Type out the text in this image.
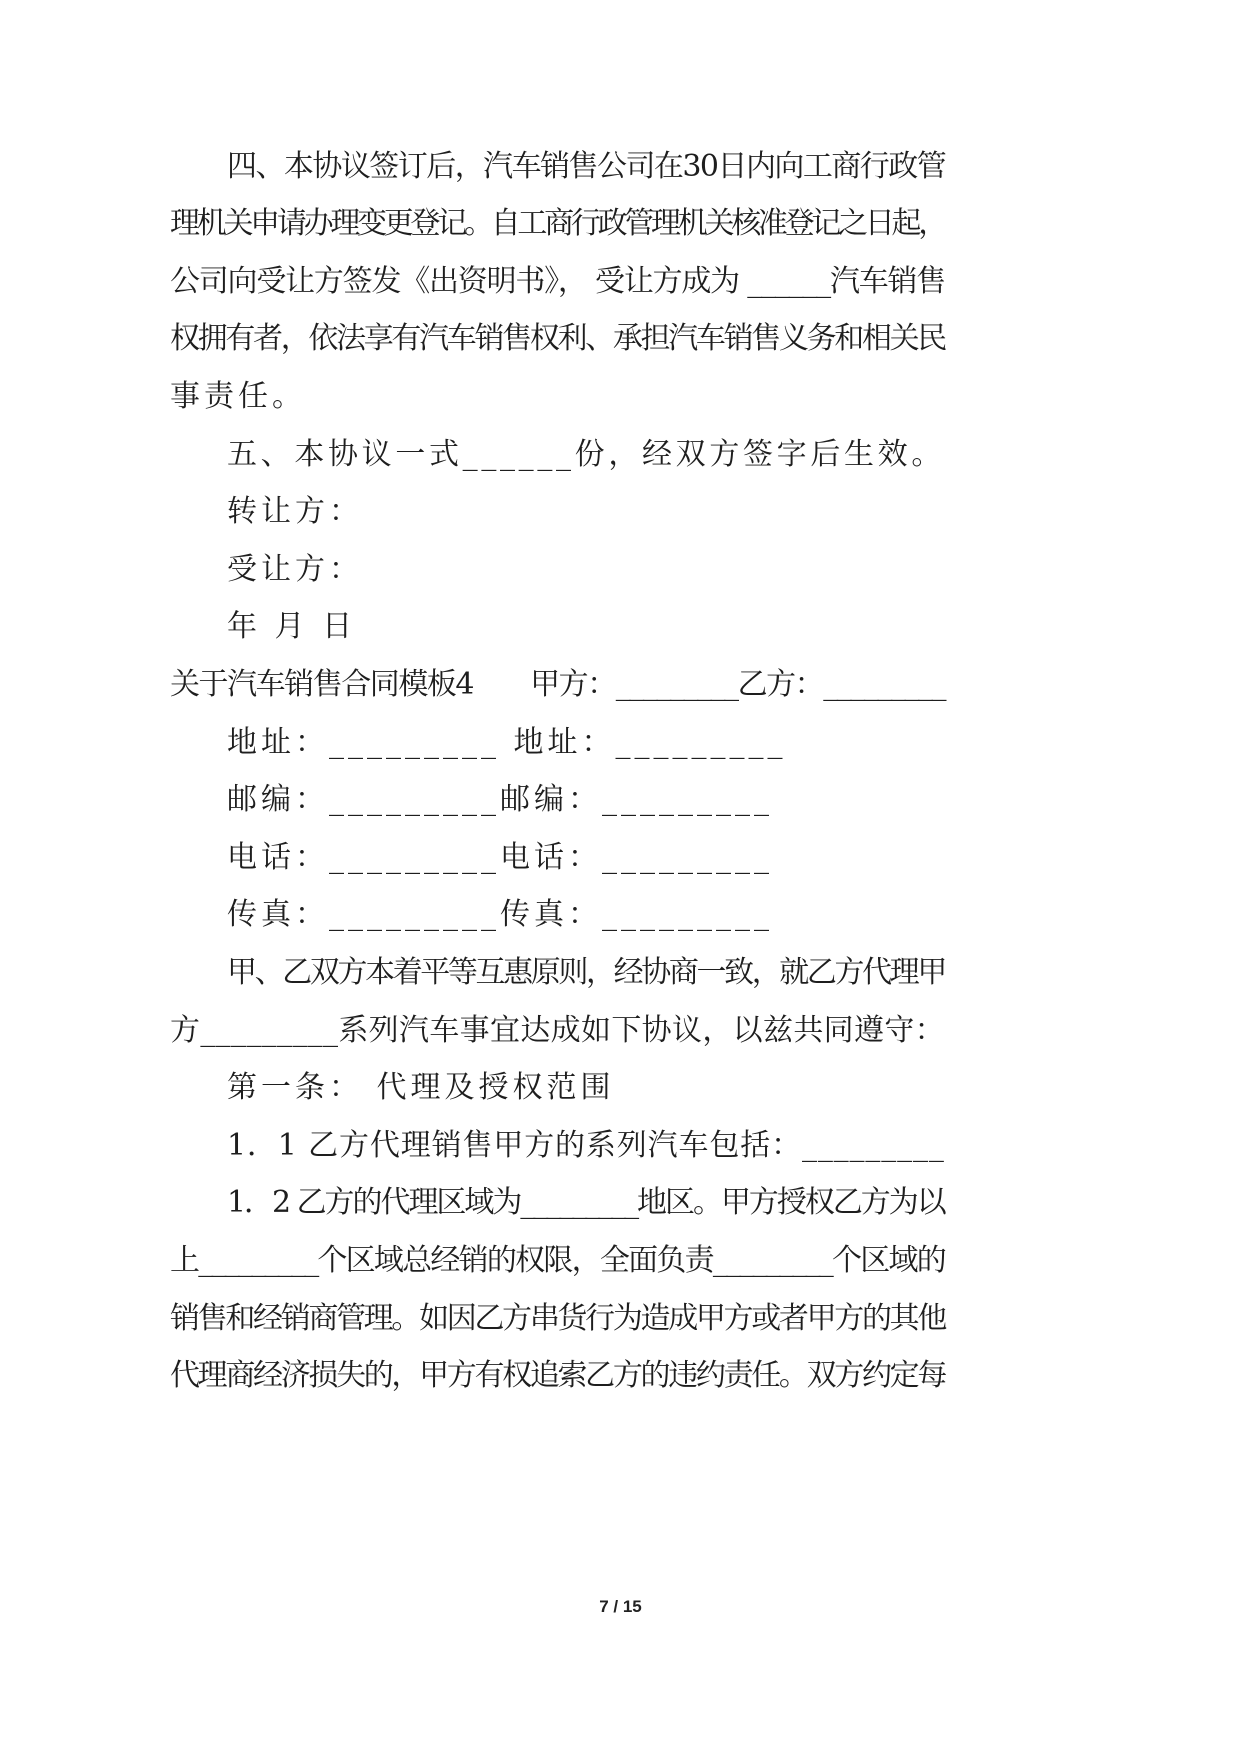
四、本协议签订后，汽车销售公司在30日内向工商行政管
理机关申请办理变更登记。自工商行政管理机关核准登记之日起，
公司向受让方签发《出资明书》， 受让方成为 ______汽车销售
权拥有者，依法享有汽车销售权利、承担汽车销售义务和相关民
事责任。
五、本协议一式______份，经双方签字后生效。
转让方：
受让方：
年 月 日
关于汽车销售合同模板4　　甲方：_________乙方：_________
地址：_________ 地址：_________
邮编：_________邮编：_________
电话：_________电话：_________
传真：_________传真：_________
甲、乙双方本着平等互惠原则，经协商一致，就乙方代理甲
方_________系列汽车事宜达成如下协议，以兹共同遵守：
第一条： 代理及授权范围
1．1 乙方代理销售甲方的系列汽车包括：_________
1．2 乙方的代理区域为_________地区。甲方授权乙方为以
上_________个区域总经销的权限，全面负责_________个区域的
销售和经销商管理。如因乙方串货行为造成甲方或者甲方的其他
代理商经济损失的，甲方有权追索乙方的违约责任。双方约定每
7 / 15
